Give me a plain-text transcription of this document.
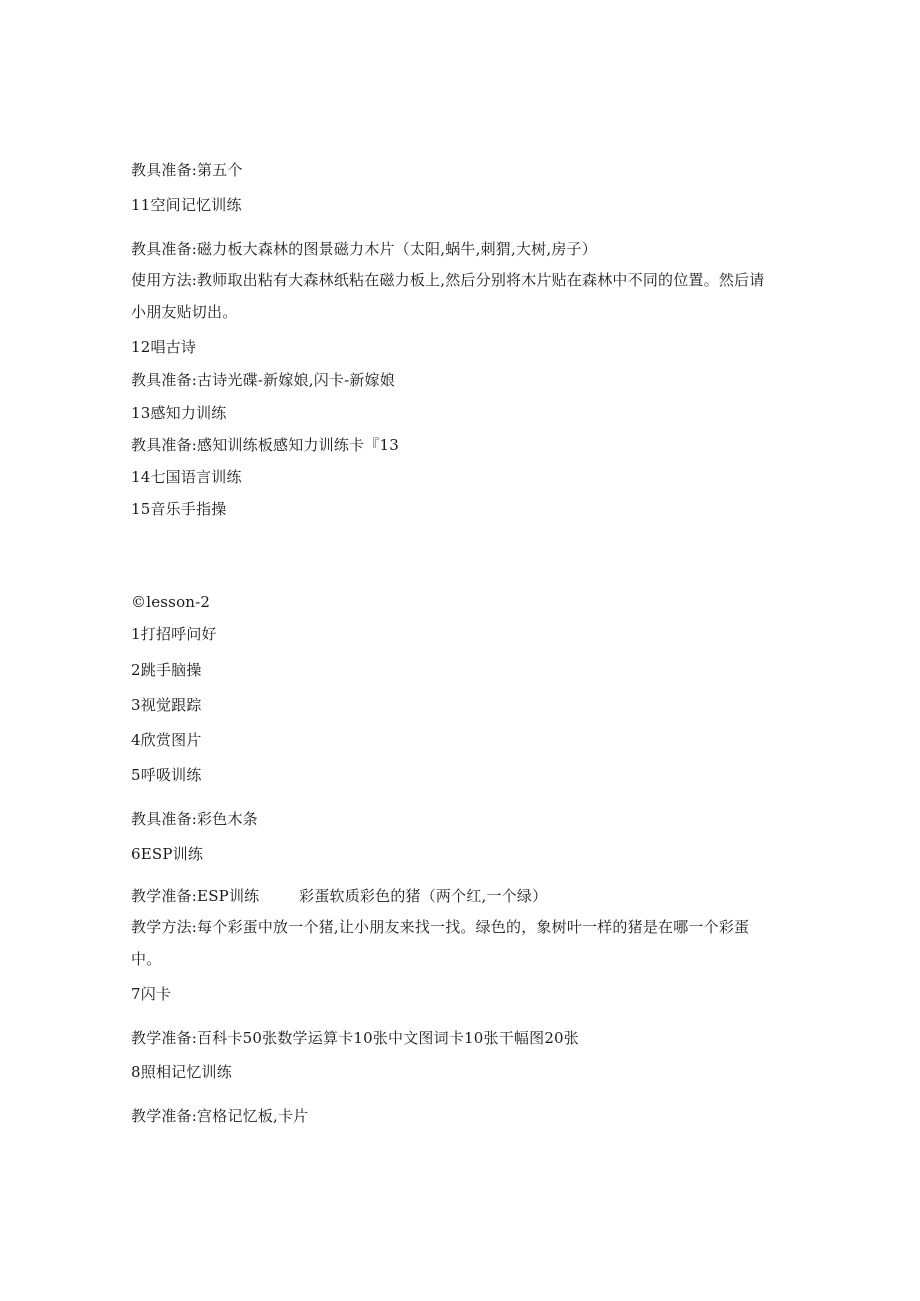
教具准备:第五个
11空间记忆训练
教具准备:磁力板大森林的图景磁力木片（太阳,蜗牛,刺猬,大树,房子）
使用方法:教师取出粘有大森林纸粘在磁力板上,然后分别将木片贴在森林中不同的位置。然后请
小朋友贴切出。
12唱古诗
教具准备:古诗光碟-新嫁娘,闪卡-新嫁娘
13感知力训练
教具准备:感知训练板感知力训练卡『13
14七国语言训练
15音乐手指操
©lesson-2
1打招呼问好
2跳手脑操
3视觉跟踪
4欣赏图片
5呼吸训练
教具准备:彩色木条
6ESP训练
教学准备:ESP训练        彩蛋软质彩色的猪（两个红,一个绿）
教学方法:每个彩蛋中放一个猪,让小朋友来找一找。绿色的，象树叶一样的猪是在哪一个彩蛋
中。
7闪卡
教学准备:百科卡50张数学运算卡10张中文图词卡10张干幅图20张
8照相记忆训练
教学准备:宫格记忆板,卡片
